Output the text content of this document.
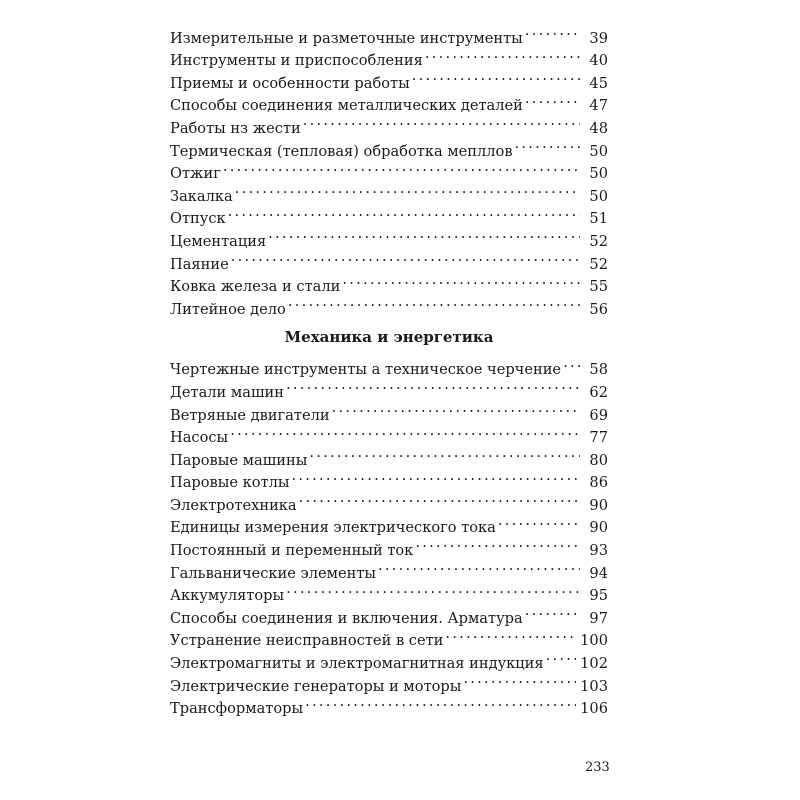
Измерительные и разметочные инструменты . . .	39
Инструменты и приспособления . . .	40
Приемы и особенности работы . . .	45
Способы соединения металлических деталей . . .	47
Работы нз жести . . .	48
Термическая (тепловая) обработка мепллов . . .	50
Отжиг . . .	50
Закалка . . .	50
Отпуск . . .	51
Цементация . . .	52
Паяние . . .	52
Ковка железа и стали . . .	55
Литейное дело . . .	56
Механика и энергетика
Чертежные инструменты а техническое черчение . . .	58
Детали машин . . .	62
Ветряные двигатели . . .	69
Насосы . . .	77
Паровые машины . . .	80
Паровые котлы . . .	86
Электротехника . . .	90
Единицы измерения электрического тока . . .	90
Постоянный и переменный ток . . .	93
Гальванические элементы . . .	94
Аккумуляторы . . .	95
Способы соединения и включения. Арматура . . .	97
Устранение неисправностей в сети . . .	100
Электромагниты и электромагнитная индукция . . .	102
Электрические генераторы и моторы . . .	103
Трансформаторы . . .	106
233
